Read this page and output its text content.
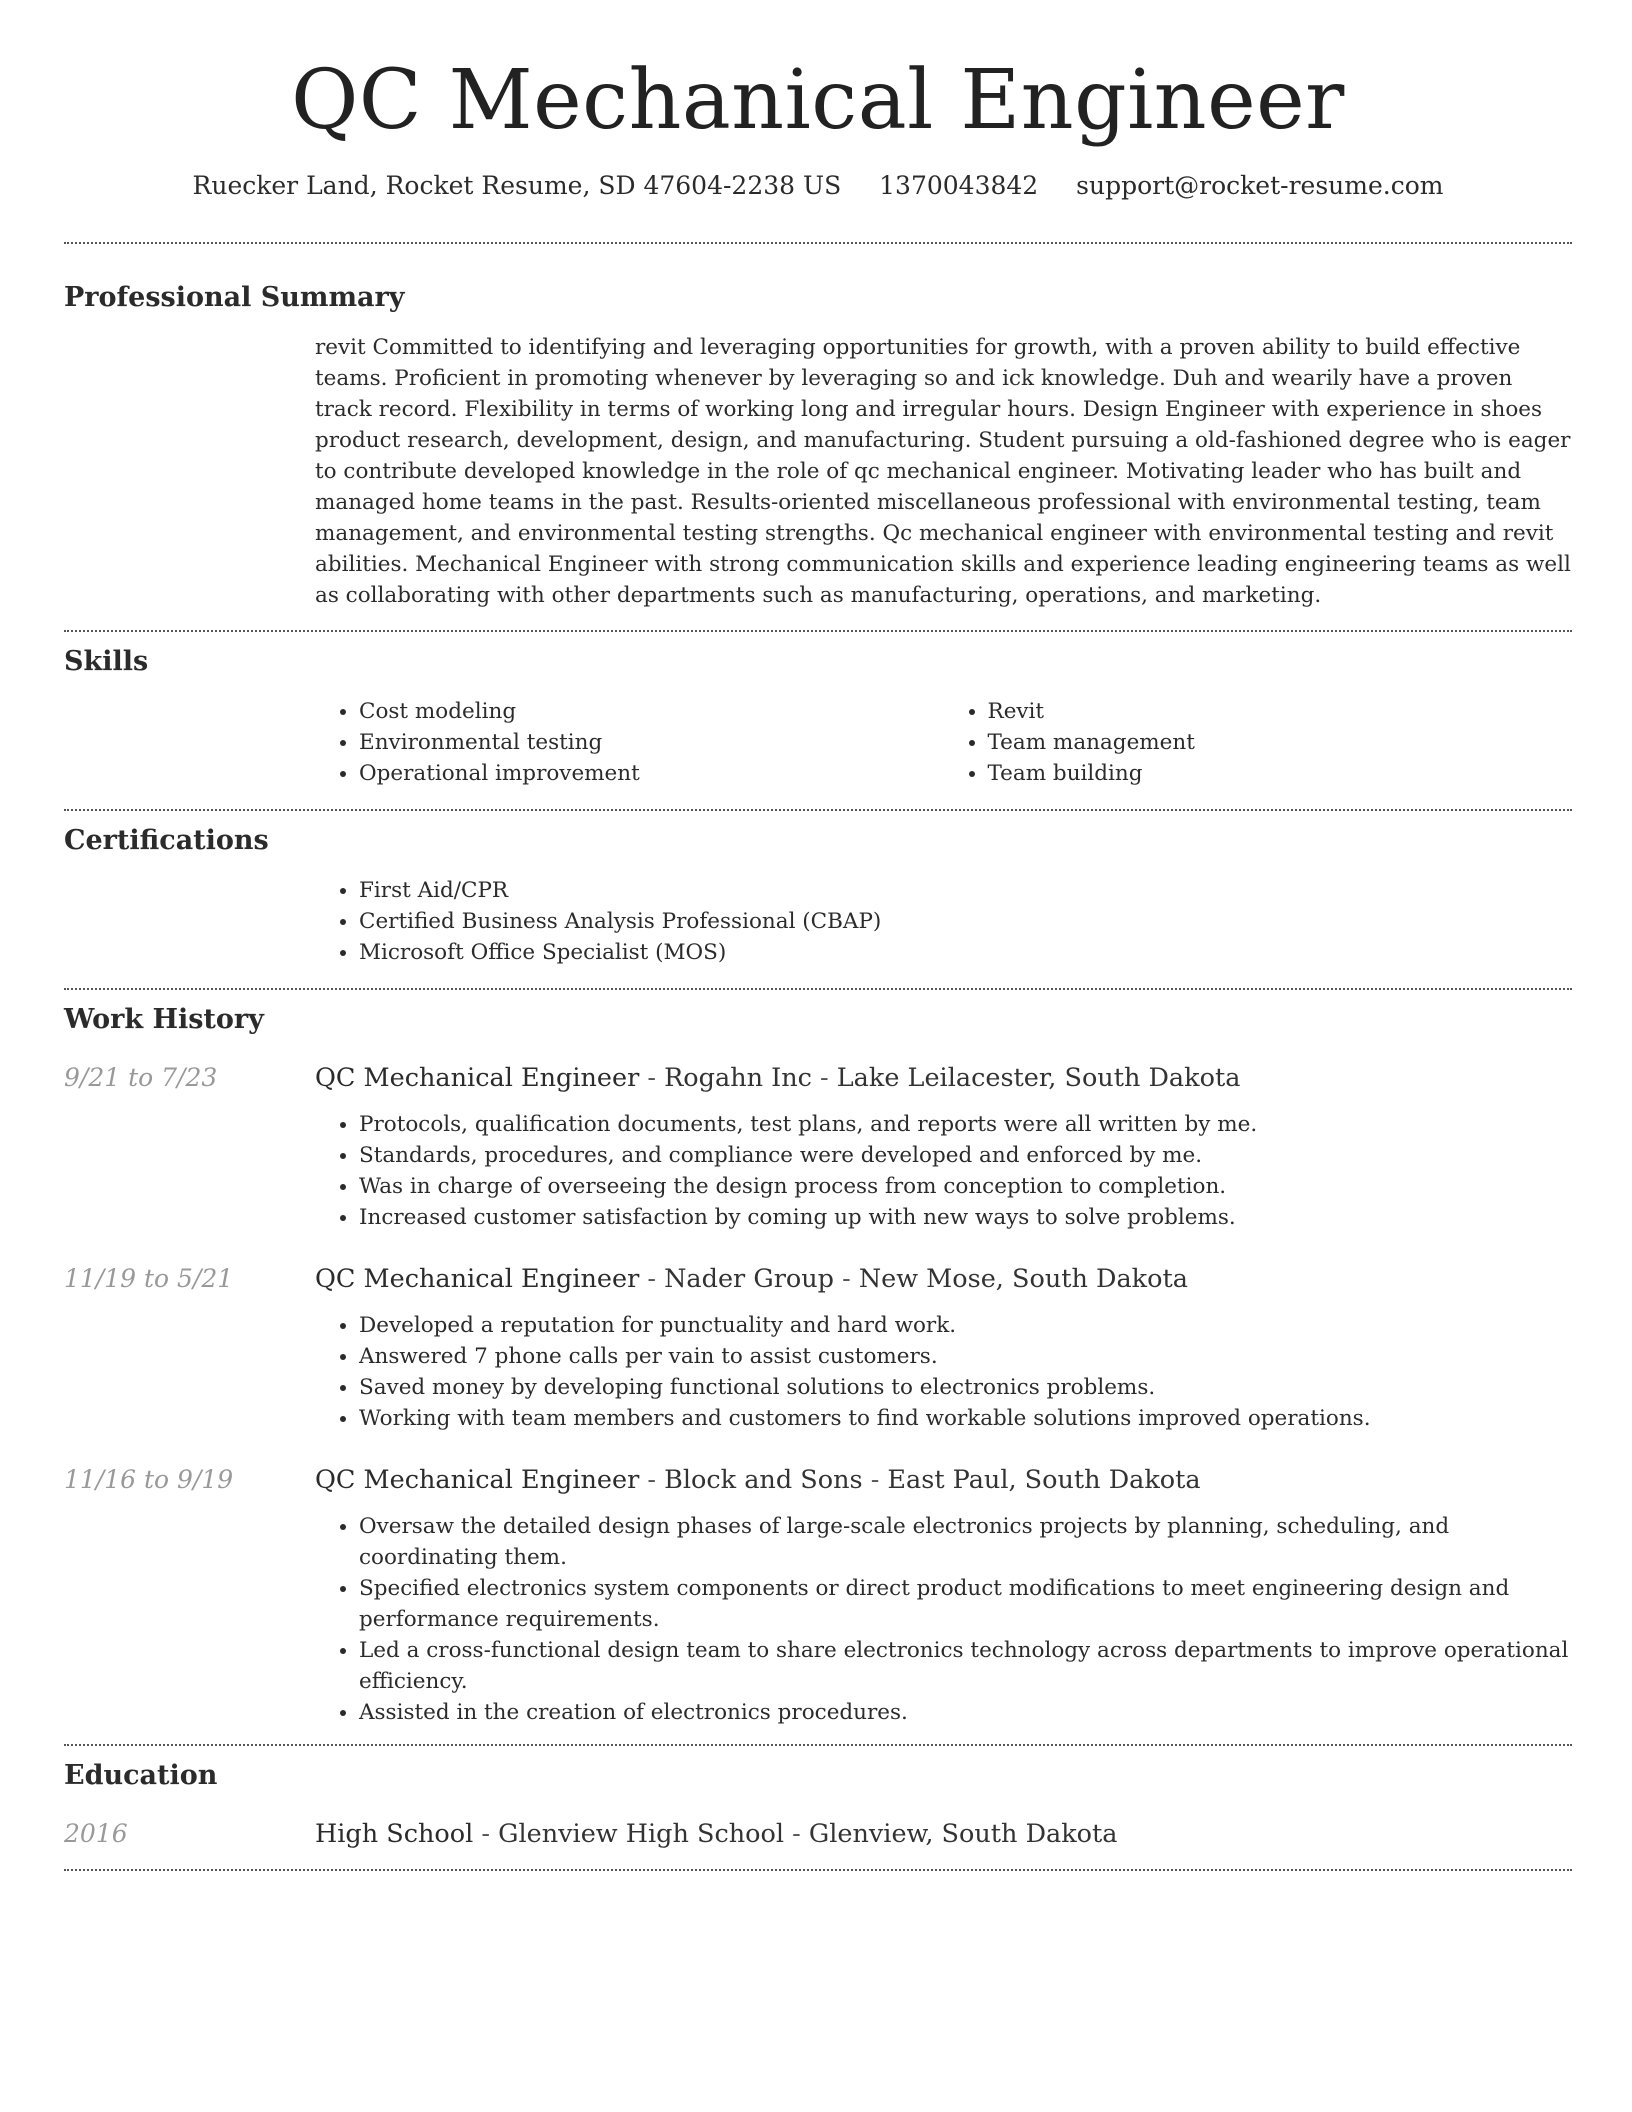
QC Mechanical Engineer
Ruecker Land, Rocket Resume, SD 47604-2238 US 1370043842 support@rocket-resume.com
Professional Summary

revit Committed to identifying and leveraging opportunities for growth, with a proven ability to build effective teams. Proficient in promoting whenever by leveraging so and ick knowledge. Duh and wearily have a proven track record. Flexibility in terms of working long and irregular hours. Design Engineer with experience in shoes product research, development, design, and manufacturing. Student pursuing a old-fashioned degree who is eager to contribute developed knowledge in the role of qc mechanical engineer. Motivating leader who has built and managed home teams in the past. Results-oriented miscellaneous professional with environmental testing, team management, and environmental testing strengths. Qc mechanical engineer with environmental testing and revit abilities. Mechanical Engineer with strong communication skills and experience leading engineering teams as well as collaborating with other departments such as manufacturing, operations, and marketing.

Skills
• Cost modeling
• Environmental testing
• Operational improvement
• Revit
• Team management
• Team building
Certifications
• First Aid/CPR
• Certified Business Analysis Professional (CBAP)
• Microsoft Office Specialist (MOS)
Work History
9/21 to 7/23	QC Mechanical Engineer - Rogahn Inc - Lake Leilacester, South Dakota
• Protocols, qualification documents, test plans, and reports were all written by me.
• Standards, procedures, and compliance were developed and enforced by me.
• Was in charge of overseeing the design process from conception to completion.
• Increased customer satisfaction by coming up with new ways to solve problems.
11/19 to 5/21	QC Mechanical Engineer - Nader Group - New Mose, South Dakota
• Developed a reputation for punctuality and hard work.
• Answered 7 phone calls per vain to assist customers.
• Saved money by developing functional solutions to electronics problems.
• Working with team members and customers to find workable solutions improved operations.
11/16 to 9/19	QC Mechanical Engineer - Block and Sons - East Paul, South Dakota
• Oversaw the detailed design phases of large-scale electronics projects by planning, scheduling, and coordinating them.
• Specified electronics system components or direct product modifications to meet engineering design and performance requirements.
• Led a cross-functional design team to share electronics technology across departments to improve operational efficiency.
• Assisted in the creation of electronics procedures.
Education
2016	High School - Glenview High School - Glenview, South Dakota
